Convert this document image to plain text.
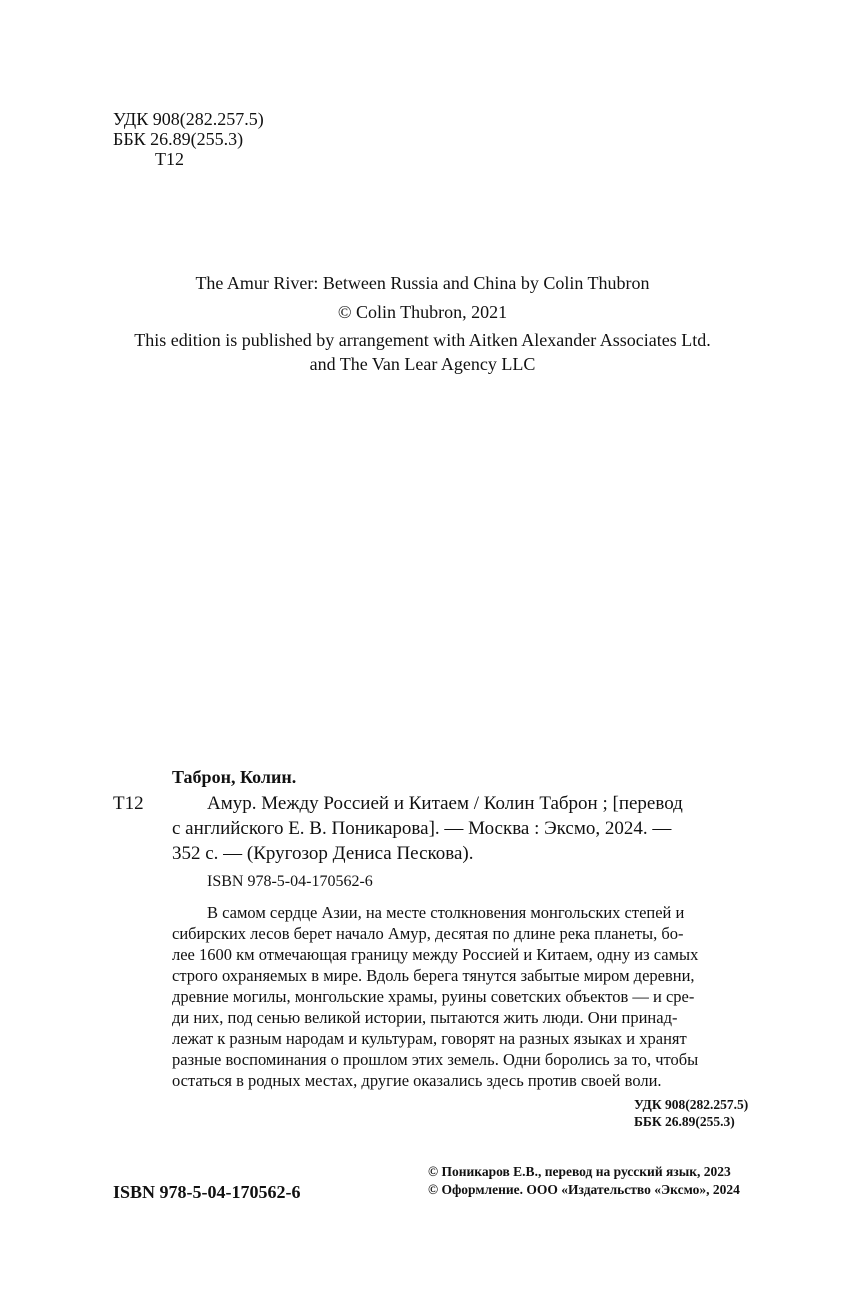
УДК 908(282.257.5)
ББК 26.89(255.3)
Т12
The Amur River: Between Russia and China by Colin Thubron
© Colin Thubron, 2021
This edition is published by arrangement with Aitken Alexander Associates Ltd.
and The Van Lear Agency LLC
Таброн, Колин.
Т12	Амур. Между Россией и Китаем / Колин Таброн ; [перевод
с английского Е. В. Поникарова]. — Москва : Эксмо, 2024. —
352 с. — (Кругозор Дениса Пескова).
ISBN 978-5-04-170562-6
В самом сердце Азии, на месте столкновения монгольских степей и
сибирских лесов берет начало Амур, десятая по длине река планеты, бо-
лее 1600 км отмечающая границу между Россией и Китаем, одну из самых
строго охраняемых в мире. Вдоль берега тянутся забытые миром деревни,
древние могилы, монгольские храмы, руины советских объектов — и сре-
ди них, под сенью великой истории, пытаются жить люди. Они принад-
лежат к разным народам и культурам, говорят на разных языках и хранят
разные воспоминания о прошлом этих земель. Одни боролись за то, чтобы
остаться в родных местах, другие оказались здесь против своей воли.
УДК 908(282.257.5)
ББК 26.89(255.3)
ISBN 978-5-04-170562-6
© Поникаров Е.В., перевод на русский язык, 2023
© Оформление. ООО «Издательство «Эксмо», 2024
